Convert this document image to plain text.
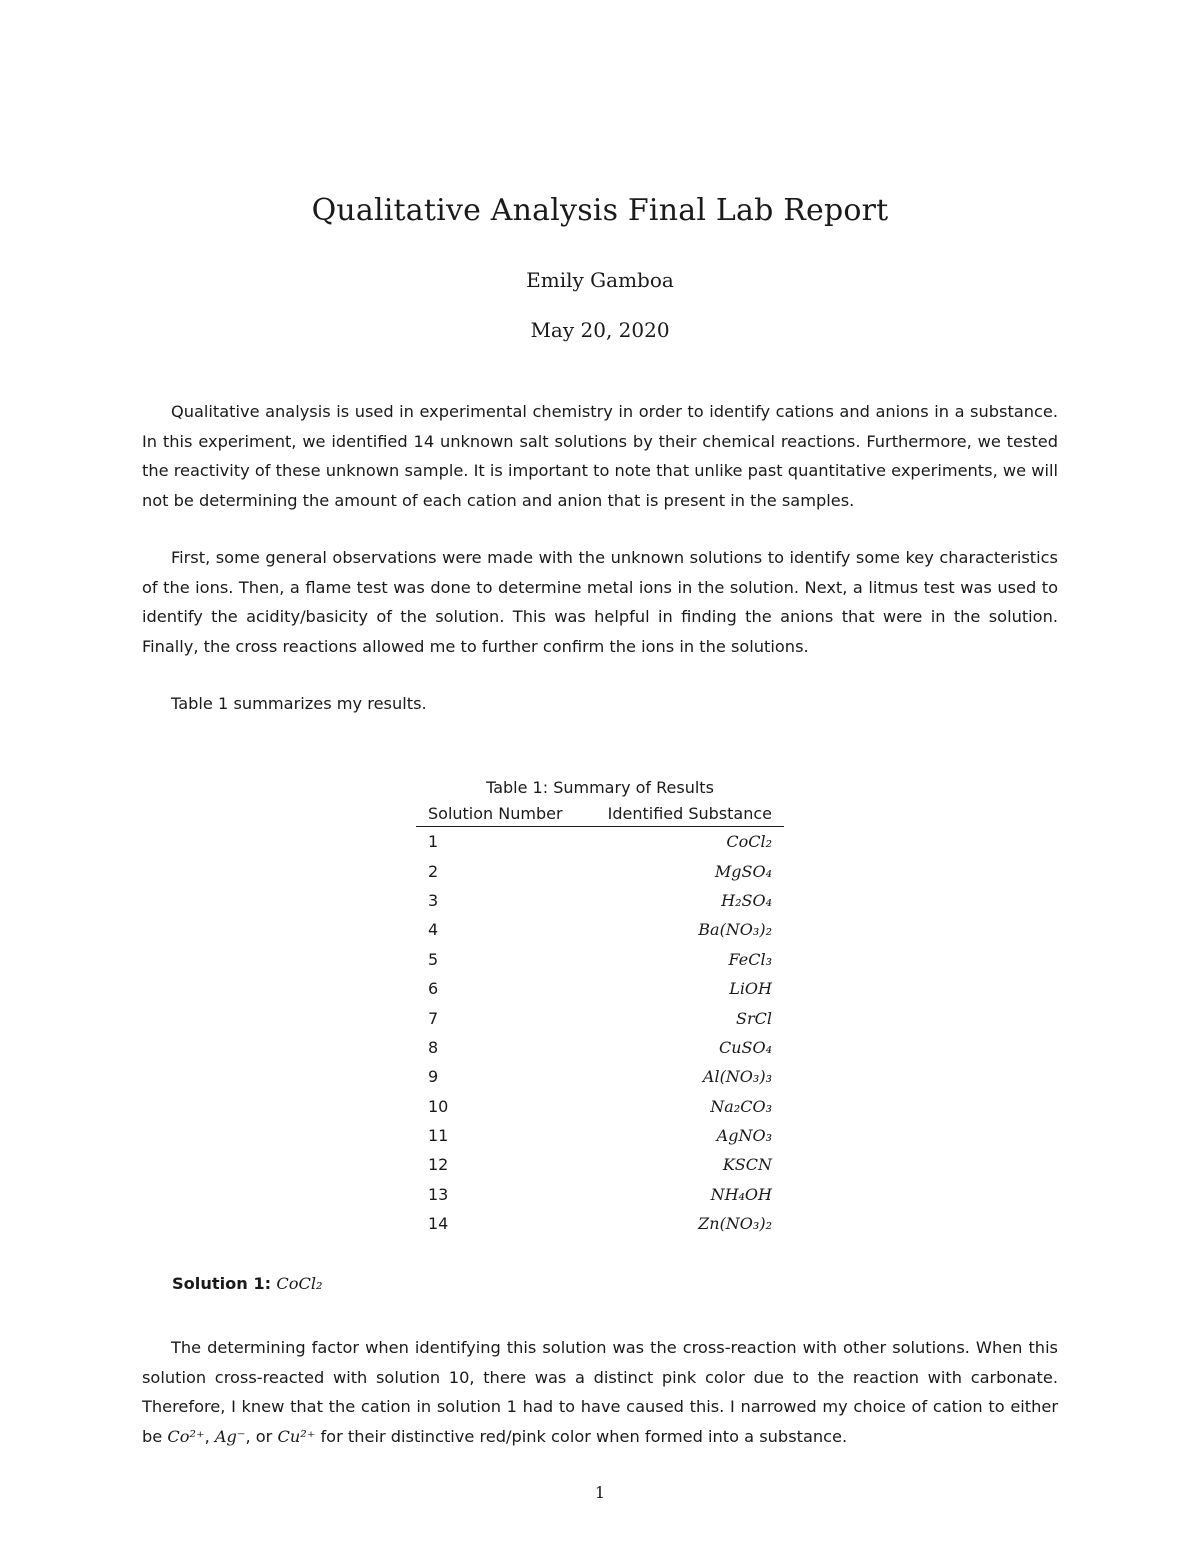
Qualitative Analysis Final Lab Report
Emily Gamboa
May 20, 2020

Qualitative analysis is used in experimental chemistry in order to identify cations and anions in a substance. In this experiment, we identified 14 unknown salt solutions by their chemical reactions. Furthermore, we tested the reactivity of these unknown sample. It is important to note that unlike past quantitative experiments, we will not be determining the amount of each cation and anion that is present in the samples.

First, some general observations were made with the unknown solutions to identify some key characteristics of the ions. Then, a flame test was done to determine metal ions in the solution. Next, a litmus test was used to identify the acidity/basicity of the solution. This was helpful in finding the anions that were in the solution. Finally, the cross reactions allowed me to further confirm the ions in the solutions.

Table 1 summarizes my results.

Table 1: Summary of Results
Solution Number	Identified Substance
1	CoCl₂
2	MgSO₄
3	H₂SO₄
4	Ba(NO₃)₂
5	FeCl₃
6	LiOH
7	SrCl
8	CuSO₄
9	Al(NO₃)₃
10	Na₂CO₃
11	AgNO₃
12	KSCN
13	NH₄OH
14	Zn(NO₃)₂
Solution 1: CoCl₂

The determining factor when identifying this solution was the cross-reaction with other solutions. When this solution cross-reacted with solution 10, there was a distinct pink color due to the reaction with carbonate. Therefore, I knew that the cation in solution 1 had to have caused this. I narrowed my choice of cation to either be Co²⁺, Ag⁻, or Cu²⁺ for their distinctive red/pink color when formed into a substance.

1
